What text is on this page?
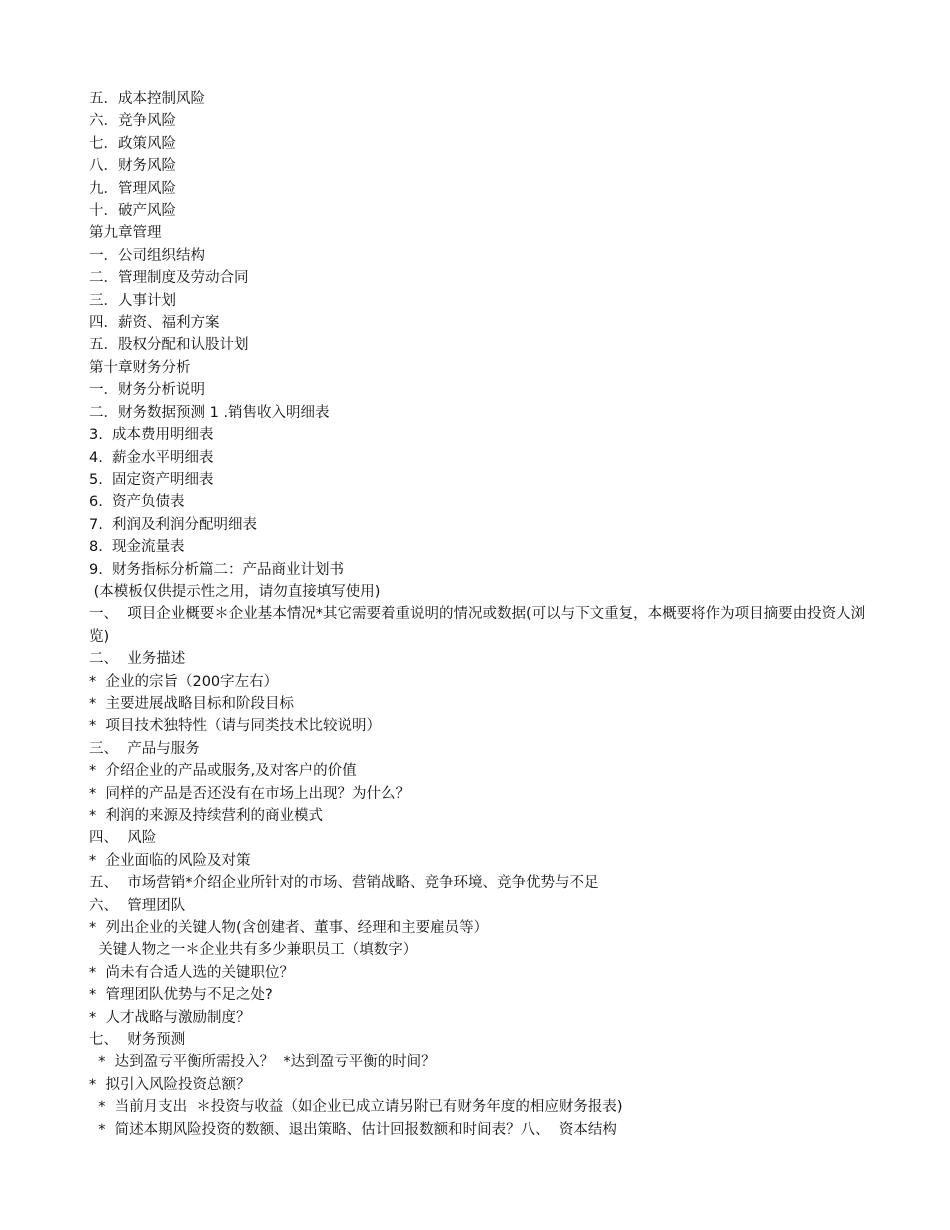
五．成本控制风险
六．竞争风险
七．政策风险
八．财务风险
九．管理风险
十．破产风险
第九章管理
一．公司组织结构
二．管理制度及劳动合同
三．人事计划
四．薪资、福利方案
五．股权分配和认股计划
第十章财务分析
一．财务分析说明
二．财务数据预测 1 .销售收入明细表
3.  成本费用明细表
4.  薪金水平明细表
5.  固定资产明细表
6.  资产负债表
7.  利润及利润分配明细表
8.  现金流量表
9.  财务指标分析篇二：产品商业计划书
(本模板仅供提示性之用，请勿直接填写使用)
一、  项目企业概要＊企业基本情况*其它需要着重说明的情况或数据(可以与下文重复，本概要将作为项目摘要由投资人浏览)
二、  业务描述
*  企业的宗旨（200字左右）
*  主要进展战略目标和阶段目标
*  项目技术独特性（请与同类技术比较说明）
三、  产品与服务
*  介绍企业的产品或服务,及对客户的价值
*  同样的产品是否还没有在市场上出现？为什么？
*  利润的来源及持续营利的商业模式
四、  风险
*  企业面临的风险及对策
五、  市场营销*介绍企业所针对的市场、营销战略、竞争环境、竞争优势与不足
六、  管理团队
*  列出企业的关键人物(含创建者、董事、经理和主要雇员等）
关键人物之一＊企业共有多少兼职员工（填数字）
*  尚未有合适人选的关键职位？
*  管理团队优势与不足之处?
*  人才战略与激励制度？
七、  财务预测
*  达到盈亏平衡所需投入？  *达到盈亏平衡的时间？
*  拟引入风险投资总额？
*  当前月支出  ＊投资与收益（如企业已成立请另附已有财务年度的相应财务报表)
*  简述本期风险投资的数额、退出策略、估计回报数额和时间表？八、  资本结构
